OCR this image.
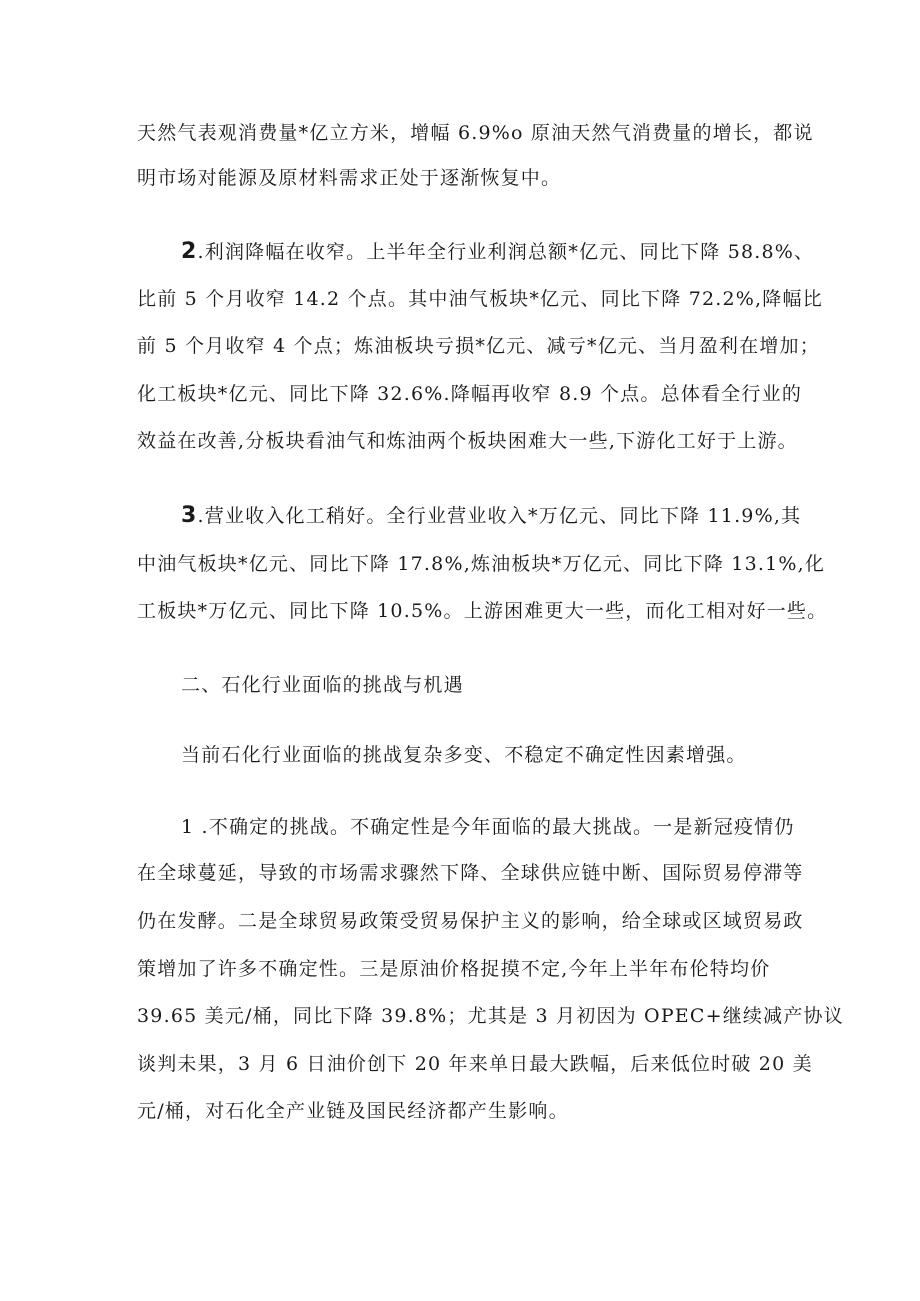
天然气表观消费量*亿立方米，增幅 6.9%o 原油天然气消费量的增长，都说
明市场对能源及原材料需求正处于逐渐恢复中。
2.利润降幅在收窄。上半年全行业利润总额*亿元、同比下降 58.8%、
比前 5 个月收窄 14.2 个点。其中油气板块*亿元、同比下降 72.2%,降幅比
前 5 个月收窄 4 个点；炼油板块亏损*亿元、减亏*亿元、当月盈利在增加；
化工板块*亿元、同比下降 32.6%.降幅再收窄 8.9 个点。总体看全行业的
效益在改善,分板块看油气和炼油两个板块困难大一些,下游化工好于上游。
3.营业收入化工稍好。全行业营业收入*万亿元、同比下降 11.9%,其
中油气板块*亿元、同比下降 17.8%,炼油板块*万亿元、同比下降 13.1%,化
工板块*万亿元、同比下降 10.5%。上游困难更大一些，而化工相对好一些。
二、石化行业面临的挑战与机遇
当前石化行业面临的挑战复杂多变、不稳定不确定性因素增强。
1 .不确定的挑战。不确定性是今年面临的最大挑战。一是新冠疫情仍
在全球蔓延，导致的市场需求骤然下降、全球供应链中断、国际贸易停滞等
仍在发酵。二是全球贸易政策受贸易保护主义的影响，给全球或区域贸易政
策增加了许多不确定性。三是原油价格捉摸不定,今年上半年布伦特均价
39.65 美元/桶，同比下降 39.8%；尤其是 3 月初因为 OPEC+继续减产协议
谈判未果，3 月 6 日油价创下 20 年来单日最大跌幅，后来低位时破 20 美
元/桶，对石化全产业链及国民经济都产生影响。
